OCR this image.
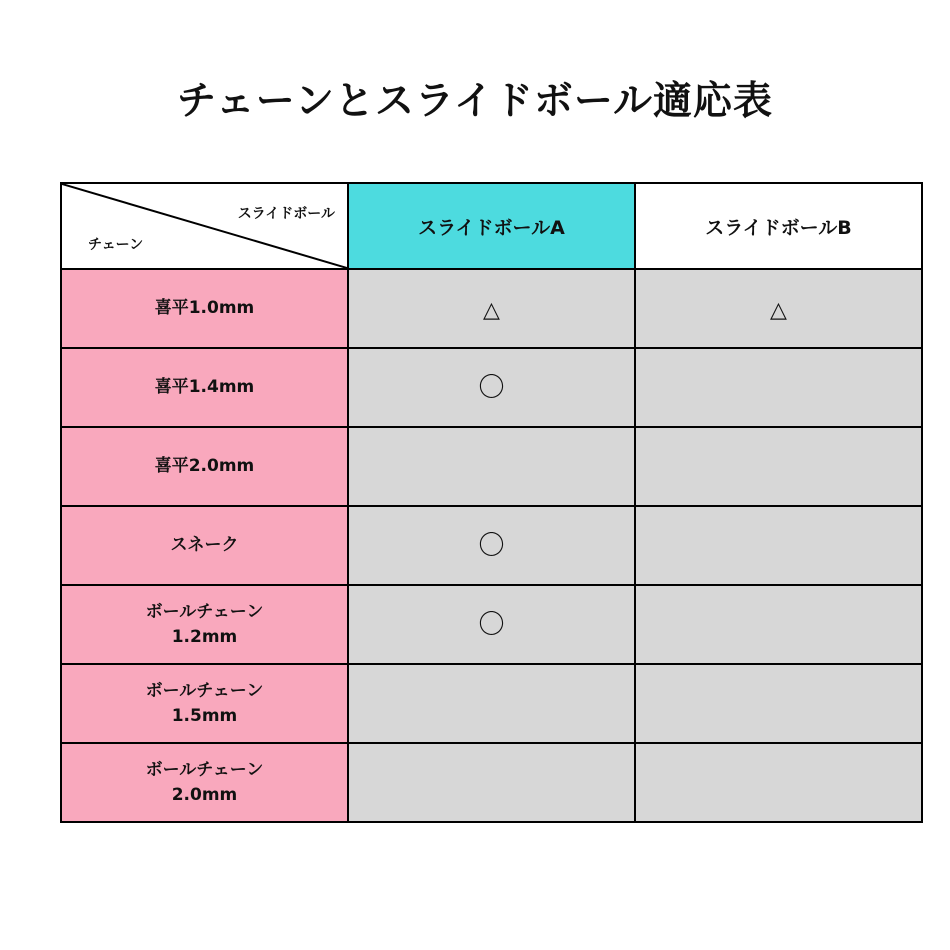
チェーンとスライドボール適応表
スライドボール
チェーン	スライドボールA	スライドボールB
喜平1.0mm	△	△
喜平1.4mm	〇	
喜平2.0mm		
スネーク	〇	
ボールチェーン
1.2mm	〇	
ボールチェーン
1.5mm		
ボールチェーン
2.0mm		
